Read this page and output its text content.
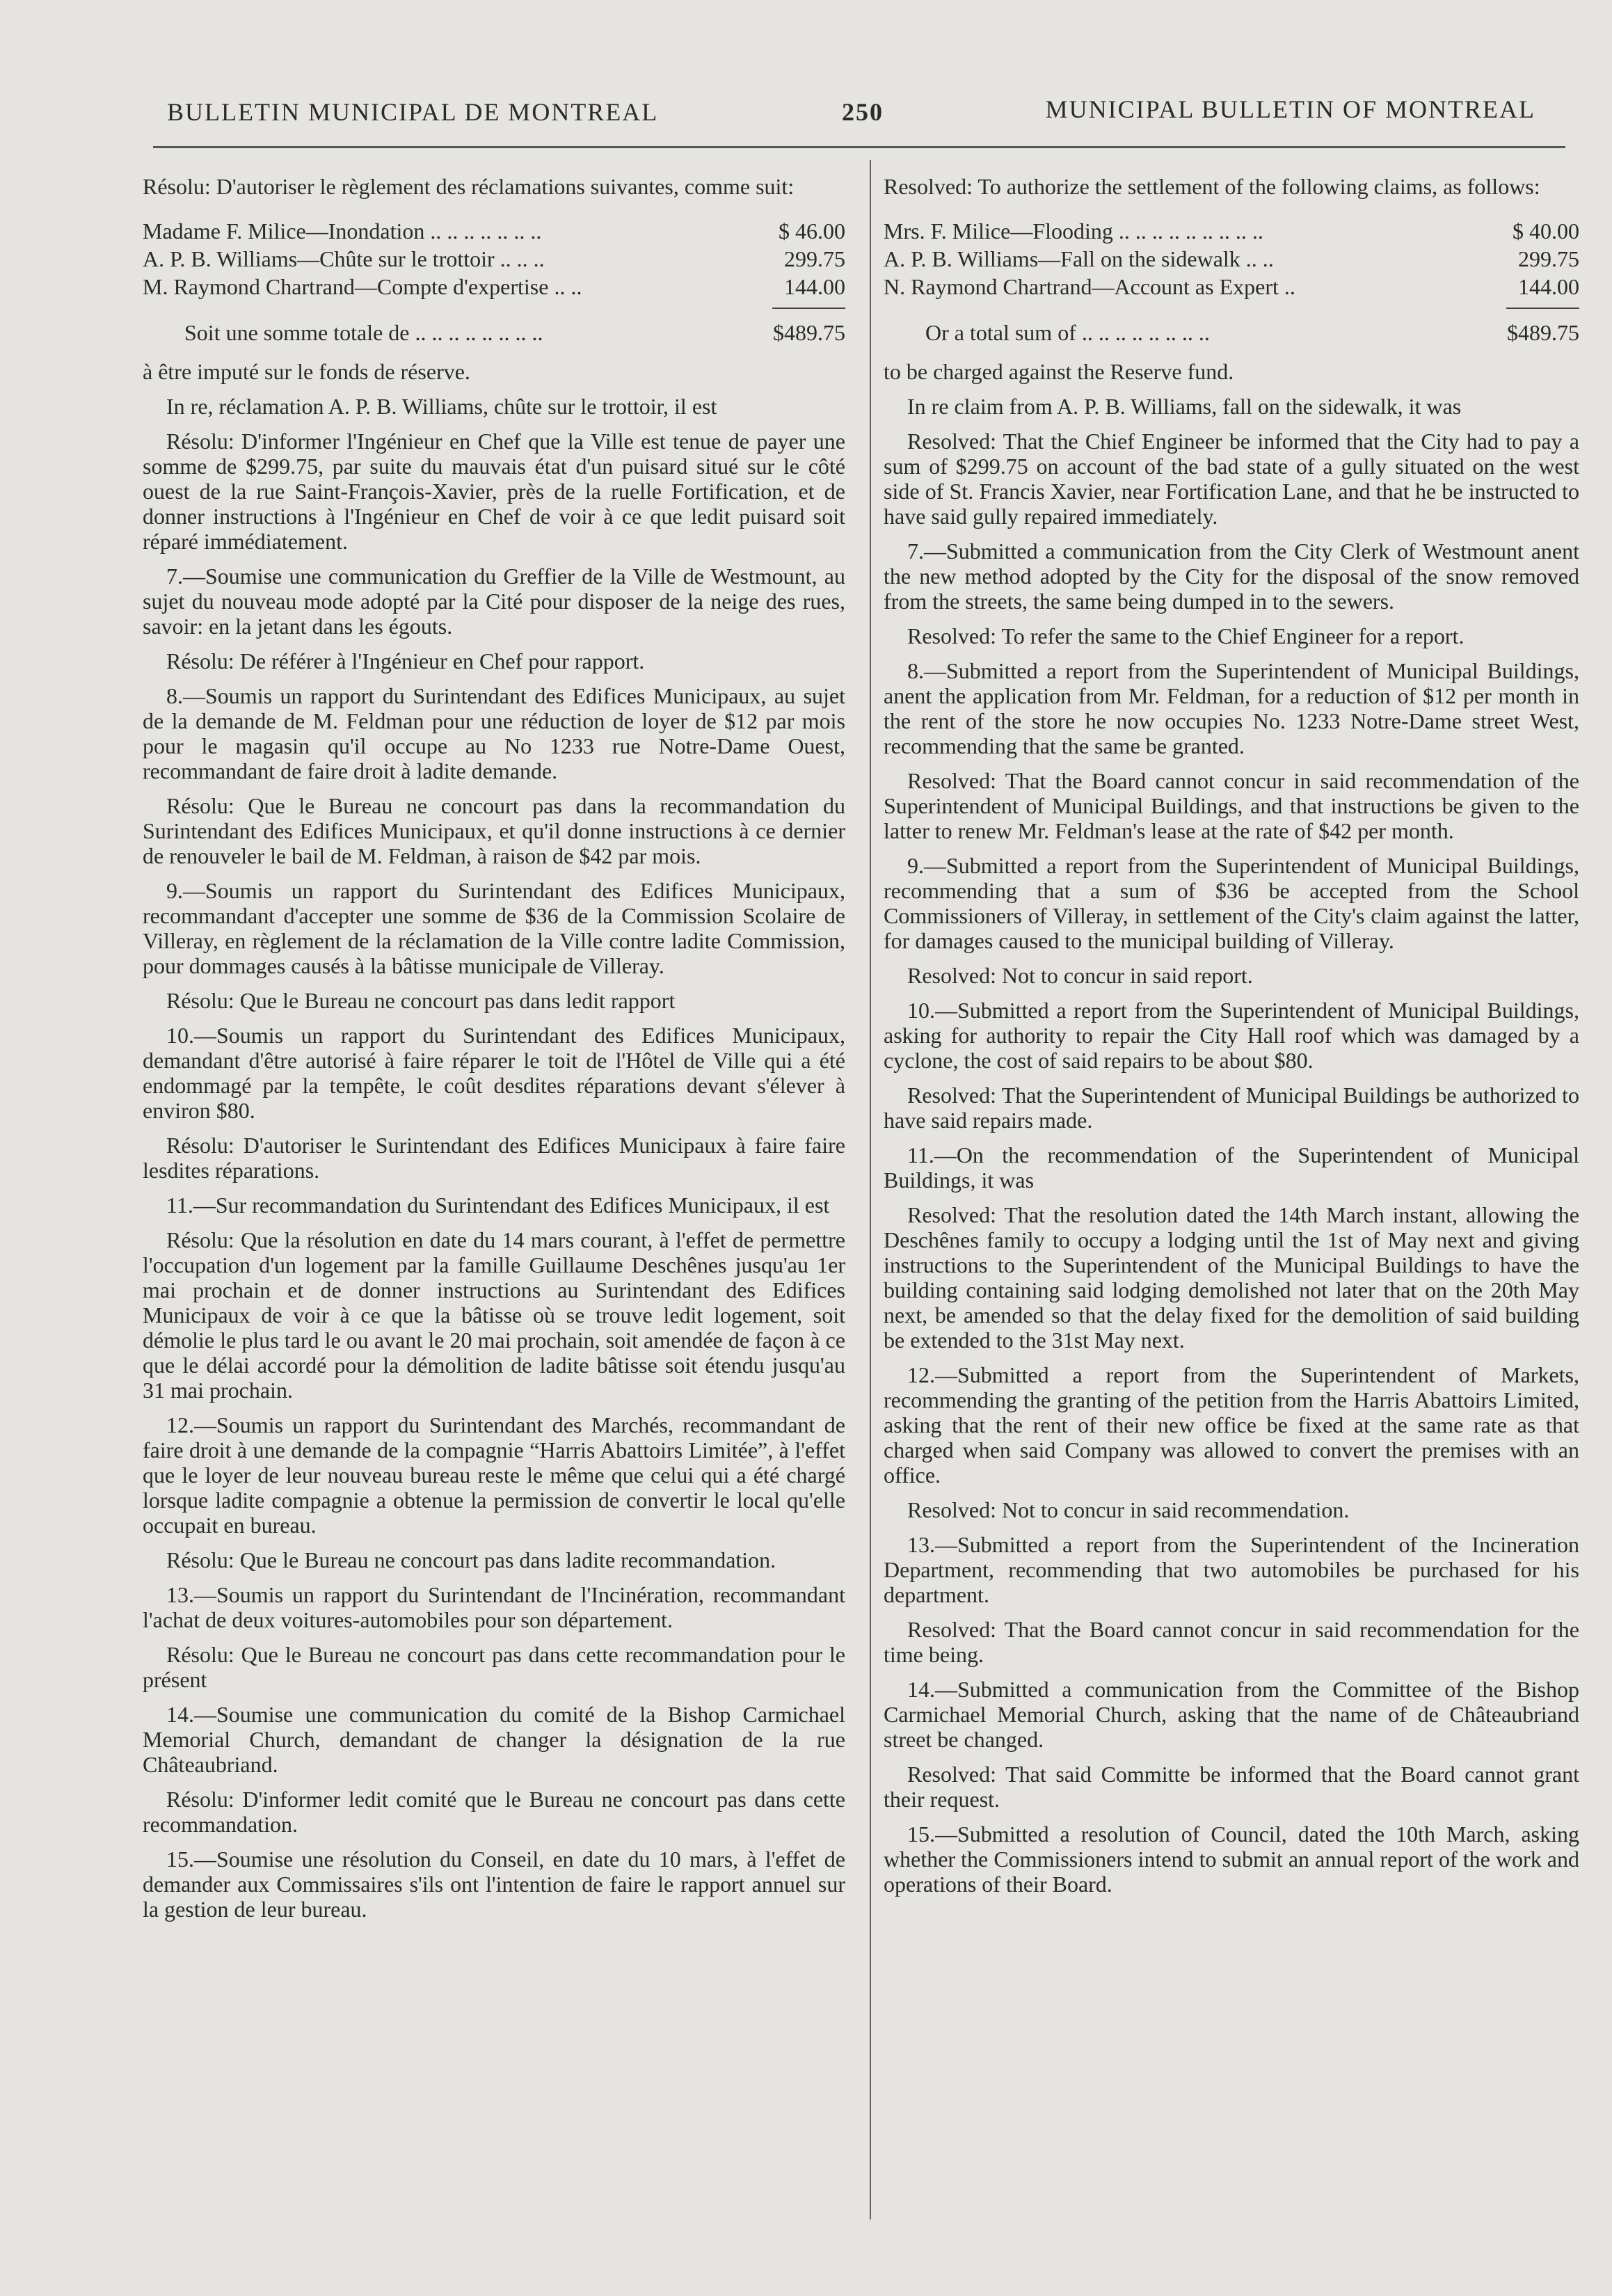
BULLETIN MUNICIPAL DE MONTREAL	250	MUNICIPAL BULLETIN OF MONTREAL

Résolu: D'autoriser le règlement des réclamations suivantes, comme suit:

Madame F. Milice—Inondation .. .. .. .. .. .. ..	$ 46.00
A. P. B. Williams—Chûte sur le trottoir .. .. ..	299.75
M. Raymond Chartrand—Compte d'expertise .. ..	144.00
Soit une somme totale de .. .. .. .. .. .. .. ..	$489.75

à être imputé sur le fonds de réserve.

In re, réclamation A. P. B. Williams, chûte sur le trottoir, il est

Résolu: D'informer l'Ingénieur en Chef que la Ville est tenue de payer une somme de $299.75, par suite du mauvais état d'un puisard situé sur le côté ouest de la rue Saint-François-Xavier, près de la ruelle Fortification, et de donner instructions à l'Ingénieur en Chef de voir à ce que ledit puisard soit réparé immédiatement.

7.—Soumise une communication du Greffier de la Ville de Westmount, au sujet du nouveau mode adopté par la Cité pour disposer de la neige des rues, savoir: en la jetant dans les égouts.

Résolu: De référer à l'Ingénieur en Chef pour rapport.

8.—Soumis un rapport du Surintendant des Edifices Municipaux, au sujet de la demande de M. Feldman pour une réduction de loyer de $12 par mois pour le magasin qu'il occupe au No 1233 rue Notre-Dame Ouest, recommandant de faire droit à ladite demande.

Résolu: Que le Bureau ne concourt pas dans la recommandation du Surintendant des Edifices Municipaux, et qu'il donne instructions à ce dernier de renouveler le bail de M. Feldman, à raison de $42 par mois.

9.—Soumis un rapport du Surintendant des Edifices Municipaux, recommandant d'accepter une somme de $36 de la Commission Scolaire de Villeray, en règlement de la réclamation de la Ville contre ladite Commission, pour dommages causés à la bâtisse municipale de Villeray.

Résolu: Que le Bureau ne concourt pas dans ledit rapport

10.—Soumis un rapport du Surintendant des Edifices Municipaux, demandant d'être autorisé à faire réparer le toit de l'Hôtel de Ville qui a été endommagé par la tempête, le coût desdites réparations devant s'élever à environ $80.

Résolu: D'autoriser le Surintendant des Edifices Municipaux à faire faire lesdites réparations.

11.—Sur recommandation du Surintendant des Edifices Municipaux, il est

Résolu: Que la résolution en date du 14 mars courant, à l'effet de permettre l'occupation d'un logement par la famille Guillaume Deschênes jusqu'au 1er mai prochain et de donner instructions au Surintendant des Edifices Municipaux de voir à ce que la bâtisse où se trouve ledit logement, soit démolie le plus tard le ou avant le 20 mai prochain, soit amendée de façon à ce que le délai accordé pour la démolition de ladite bâtisse soit étendu jusqu'au 31 mai prochain.

12.—Soumis un rapport du Surintendant des Marchés, recommandant de faire droit à une demande de la compagnie “Harris Abattoirs Limitée”, à l'effet que le loyer de leur nouveau bureau reste le même que celui qui a été chargé lorsque ladite compagnie a obtenue la permission de convertir le local qu'elle occupait en bureau.

Résolu: Que le Bureau ne concourt pas dans ladite recommandation.

13.—Soumis un rapport du Surintendant de l'Incinération, recommandant l'achat de deux voitures-automobiles pour son département.

Résolu: Que le Bureau ne concourt pas dans cette recommandation pour le présent

14.—Soumise une communication du comité de la Bishop Carmichael Memorial Church, demandant de changer la désignation de la rue Châteaubriand.

Résolu: D'informer ledit comité que le Bureau ne concourt pas dans cette recommandation.

15.—Soumise une résolution du Conseil, en date du 10 mars, à l'effet de demander aux Commissaires s'ils ont l'intention de faire le rapport annuel sur la gestion de leur bureau.

Resolved: To authorize the settlement of the following claims, as follows:

Mrs. F. Milice—Flooding .. .. .. .. .. .. .. .. ..	$ 40.00
A. P. B. Williams—Fall on the sidewalk .. ..	299.75
N. Raymond Chartrand—Account as Expert ..	144.00
Or a total sum of .. .. .. .. .. .. .. ..	$489.75

to be charged against the Reserve fund.

In re claim from A. P. B. Williams, fall on the sidewalk, it was

Resolved: That the Chief Engineer be informed that the City had to pay a sum of $299.75 on account of the bad state of a gully situated on the west side of St. Francis Xavier, near Fortification Lane, and that he be instructed to have said gully repaired immediately.

7.—Submitted a communication from the City Clerk of Westmount anent the new method adopted by the City for the disposal of the snow removed from the streets, the same being dumped in to the sewers.

Resolved: To refer the same to the Chief Engineer for a report.

8.—Submitted a report from the Superintendent of Municipal Buildings, anent the application from Mr. Feldman, for a reduction of $12 per month in the rent of the store he now occupies No. 1233 Notre-Dame street West, recommending that the same be granted.

Resolved: That the Board cannot concur in said recommendation of the Superintendent of Municipal Buildings, and that instructions be given to the latter to renew Mr. Feldman's lease at the rate of $42 per month.

9.—Submitted a report from the Superintendent of Municipal Buildings, recommending that a sum of $36 be accepted from the School Commissioners of Villeray, in settlement of the City's claim against the latter, for damages caused to the municipal building of Villeray.

Resolved: Not to concur in said report.

10.—Submitted a report from the Superintendent of Municipal Buildings, asking for authority to repair the City Hall roof which was damaged by a cyclone, the cost of said repairs to be about $80.

Resolved: That the Superintendent of Municipal Buildings be authorized to have said repairs made.

11.—On the recommendation of the Superintendent of Municipal Buildings, it was

Resolved: That the resolution dated the 14th March instant, allowing the Deschênes family to occupy a lodging until the 1st of May next and giving instructions to the Superintendent of the Municipal Buildings to have the building containing said lodging demolished not later that on the 20th May next, be amended so that the delay fixed for the demolition of said building be extended to the 31st May next.

12.—Submitted a report from the Superintendent of Markets, recommending the granting of the petition from the Harris Abattoirs Limited, asking that the rent of their new office be fixed at the same rate as that charged when said Company was allowed to convert the premises with an office.

Resolved: Not to concur in said recommendation.

13.—Submitted a report from the Superintendent of the Incineration Department, recommending that two automobiles be purchased for his department.

Resolved: That the Board cannot concur in said recommendation for the time being.

14.—Submitted a communication from the Committee of the Bishop Carmichael Memorial Church, asking that the name of de Châteaubriand street be changed.

Resolved: That said Committe be informed that the Board cannot grant their request.

15.—Submitted a resolution of Council, dated the 10th March, asking whether the Commissioners intend to submit an annual report of the work and operations of their Board.
